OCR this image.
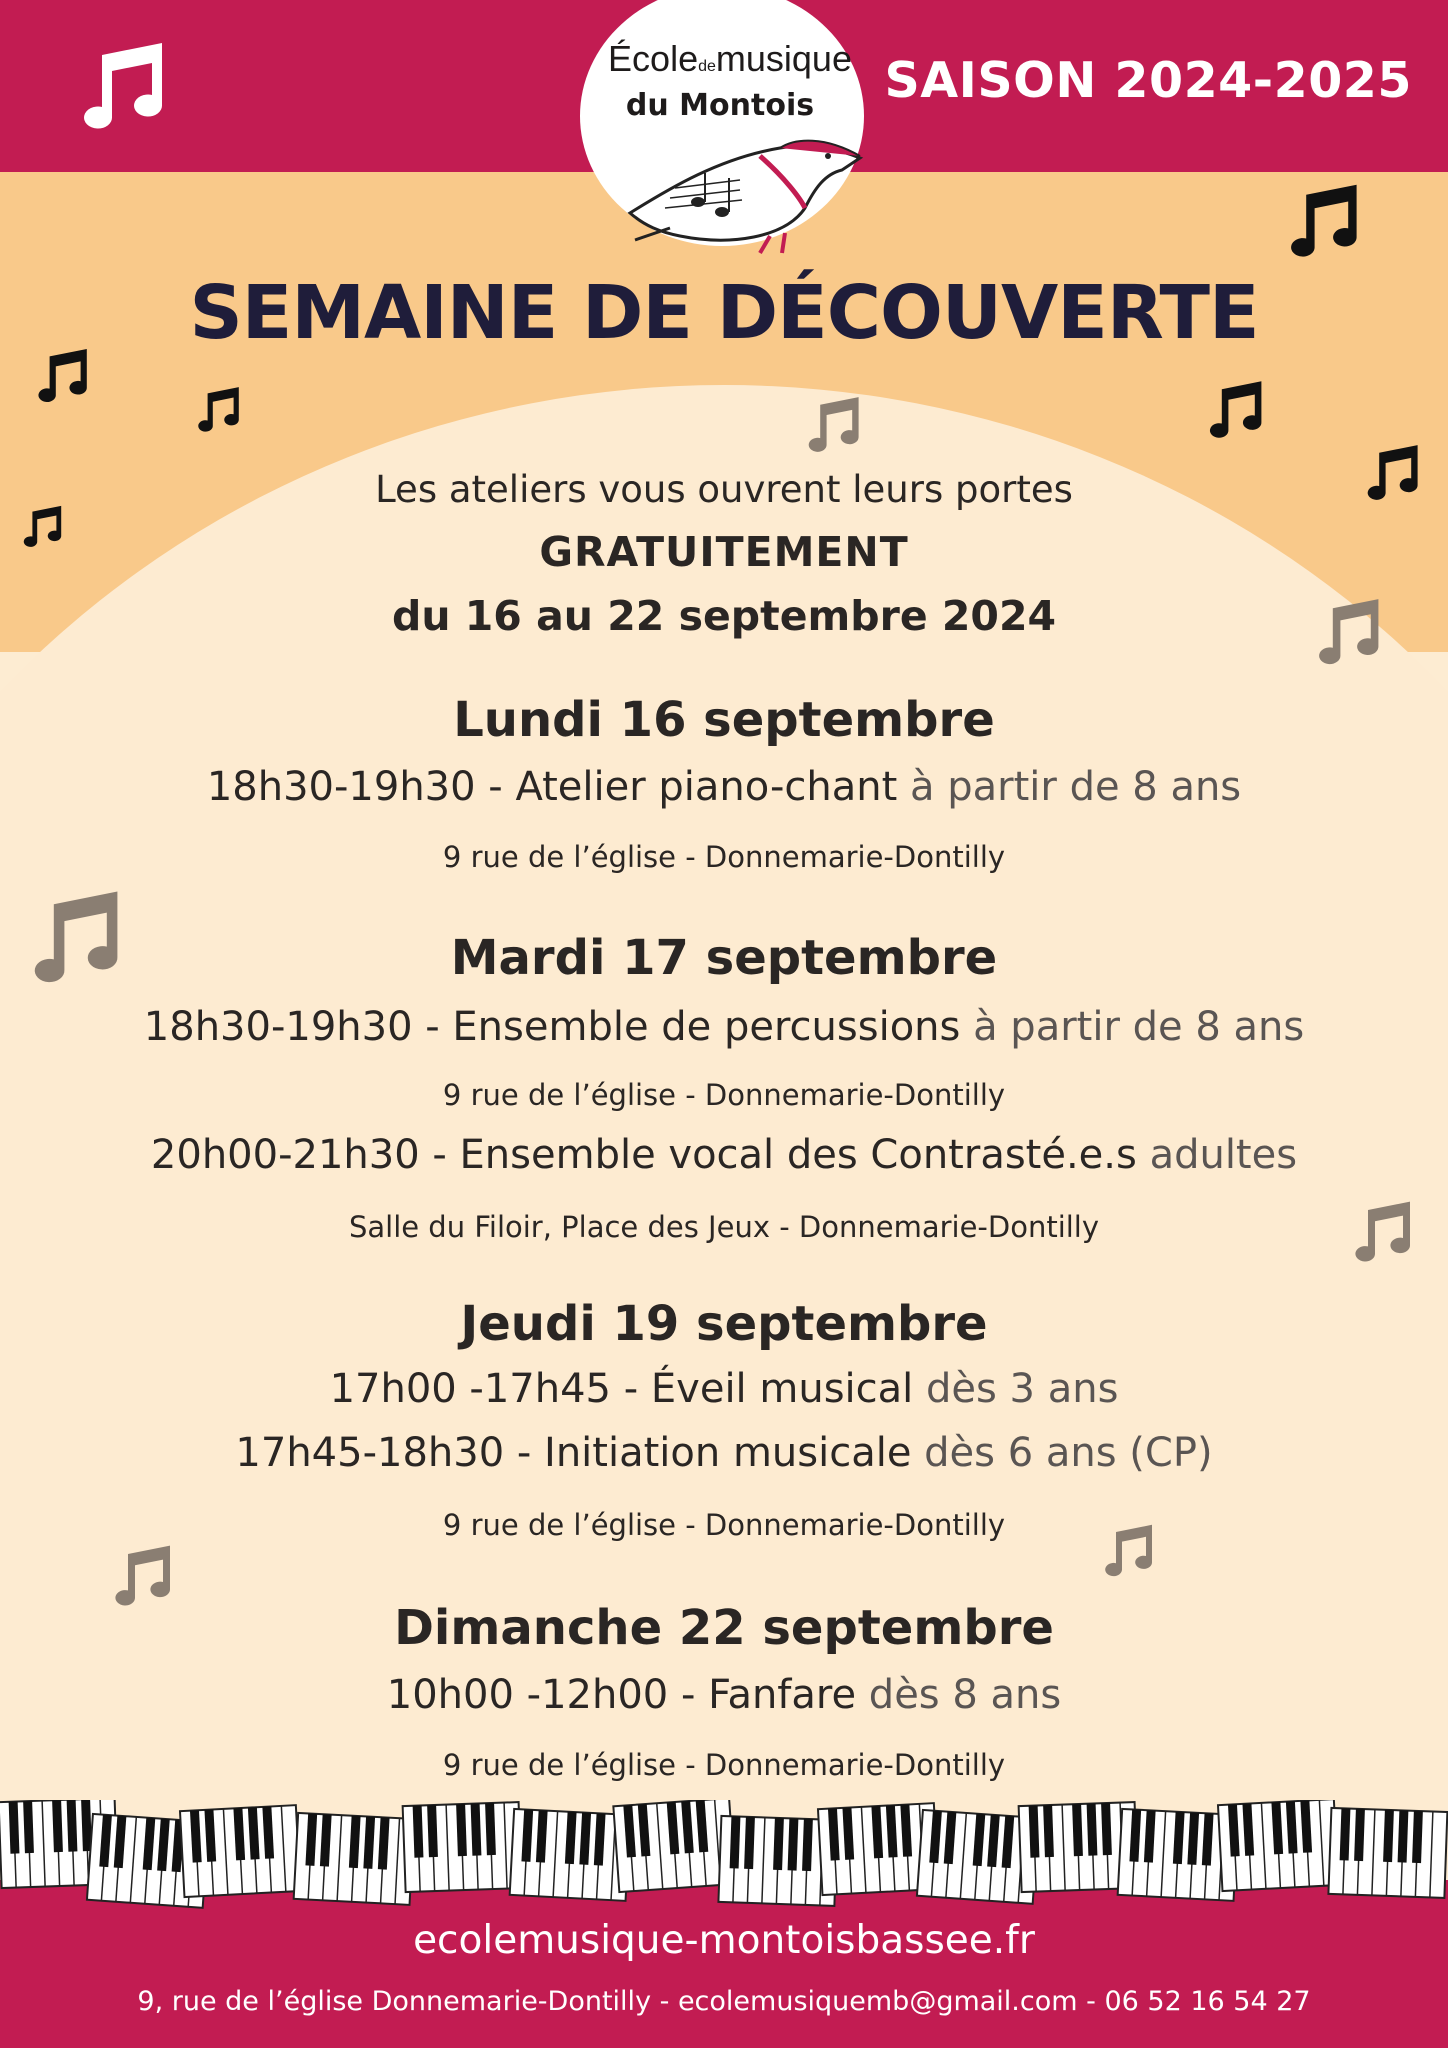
Écoledemusique
du Montois	SAISON 2024-2025
SEMAINE DE DÉCOUVERTE
Les ateliers vous ouvrent leurs portes
GRATUITEMENT
du 16 au 22 septembre 2024
Lundi 16 septembre
18h30-19h30 - Atelier piano-chant à partir de 8 ans
9 rue de l’église - Donnemarie-Dontilly
Mardi 17 septembre
18h30-19h30 - Ensemble de percussions à partir de 8 ans
9 rue de l’église - Donnemarie-Dontilly
20h00-21h30 - Ensemble vocal des Contrasté.e.s adultes
Salle du Filoir, Place des Jeux - Donnemarie-Dontilly
Jeudi 19 septembre
17h00 -17h45 - Éveil musical dès 3 ans
17h45-18h30 - Initiation musicale dès 6 ans (CP)
9 rue de l’église - Donnemarie-Dontilly
Dimanche 22 septembre
10h00 -12h00 - Fanfare dès 8 ans
9 rue de l’église - Donnemarie-Dontilly
ecolemusique-montoisbassee.fr
9, rue de l’église Donnemarie-Dontilly - ecolemusiquemb@gmail.com - 06 52 16 54 27
